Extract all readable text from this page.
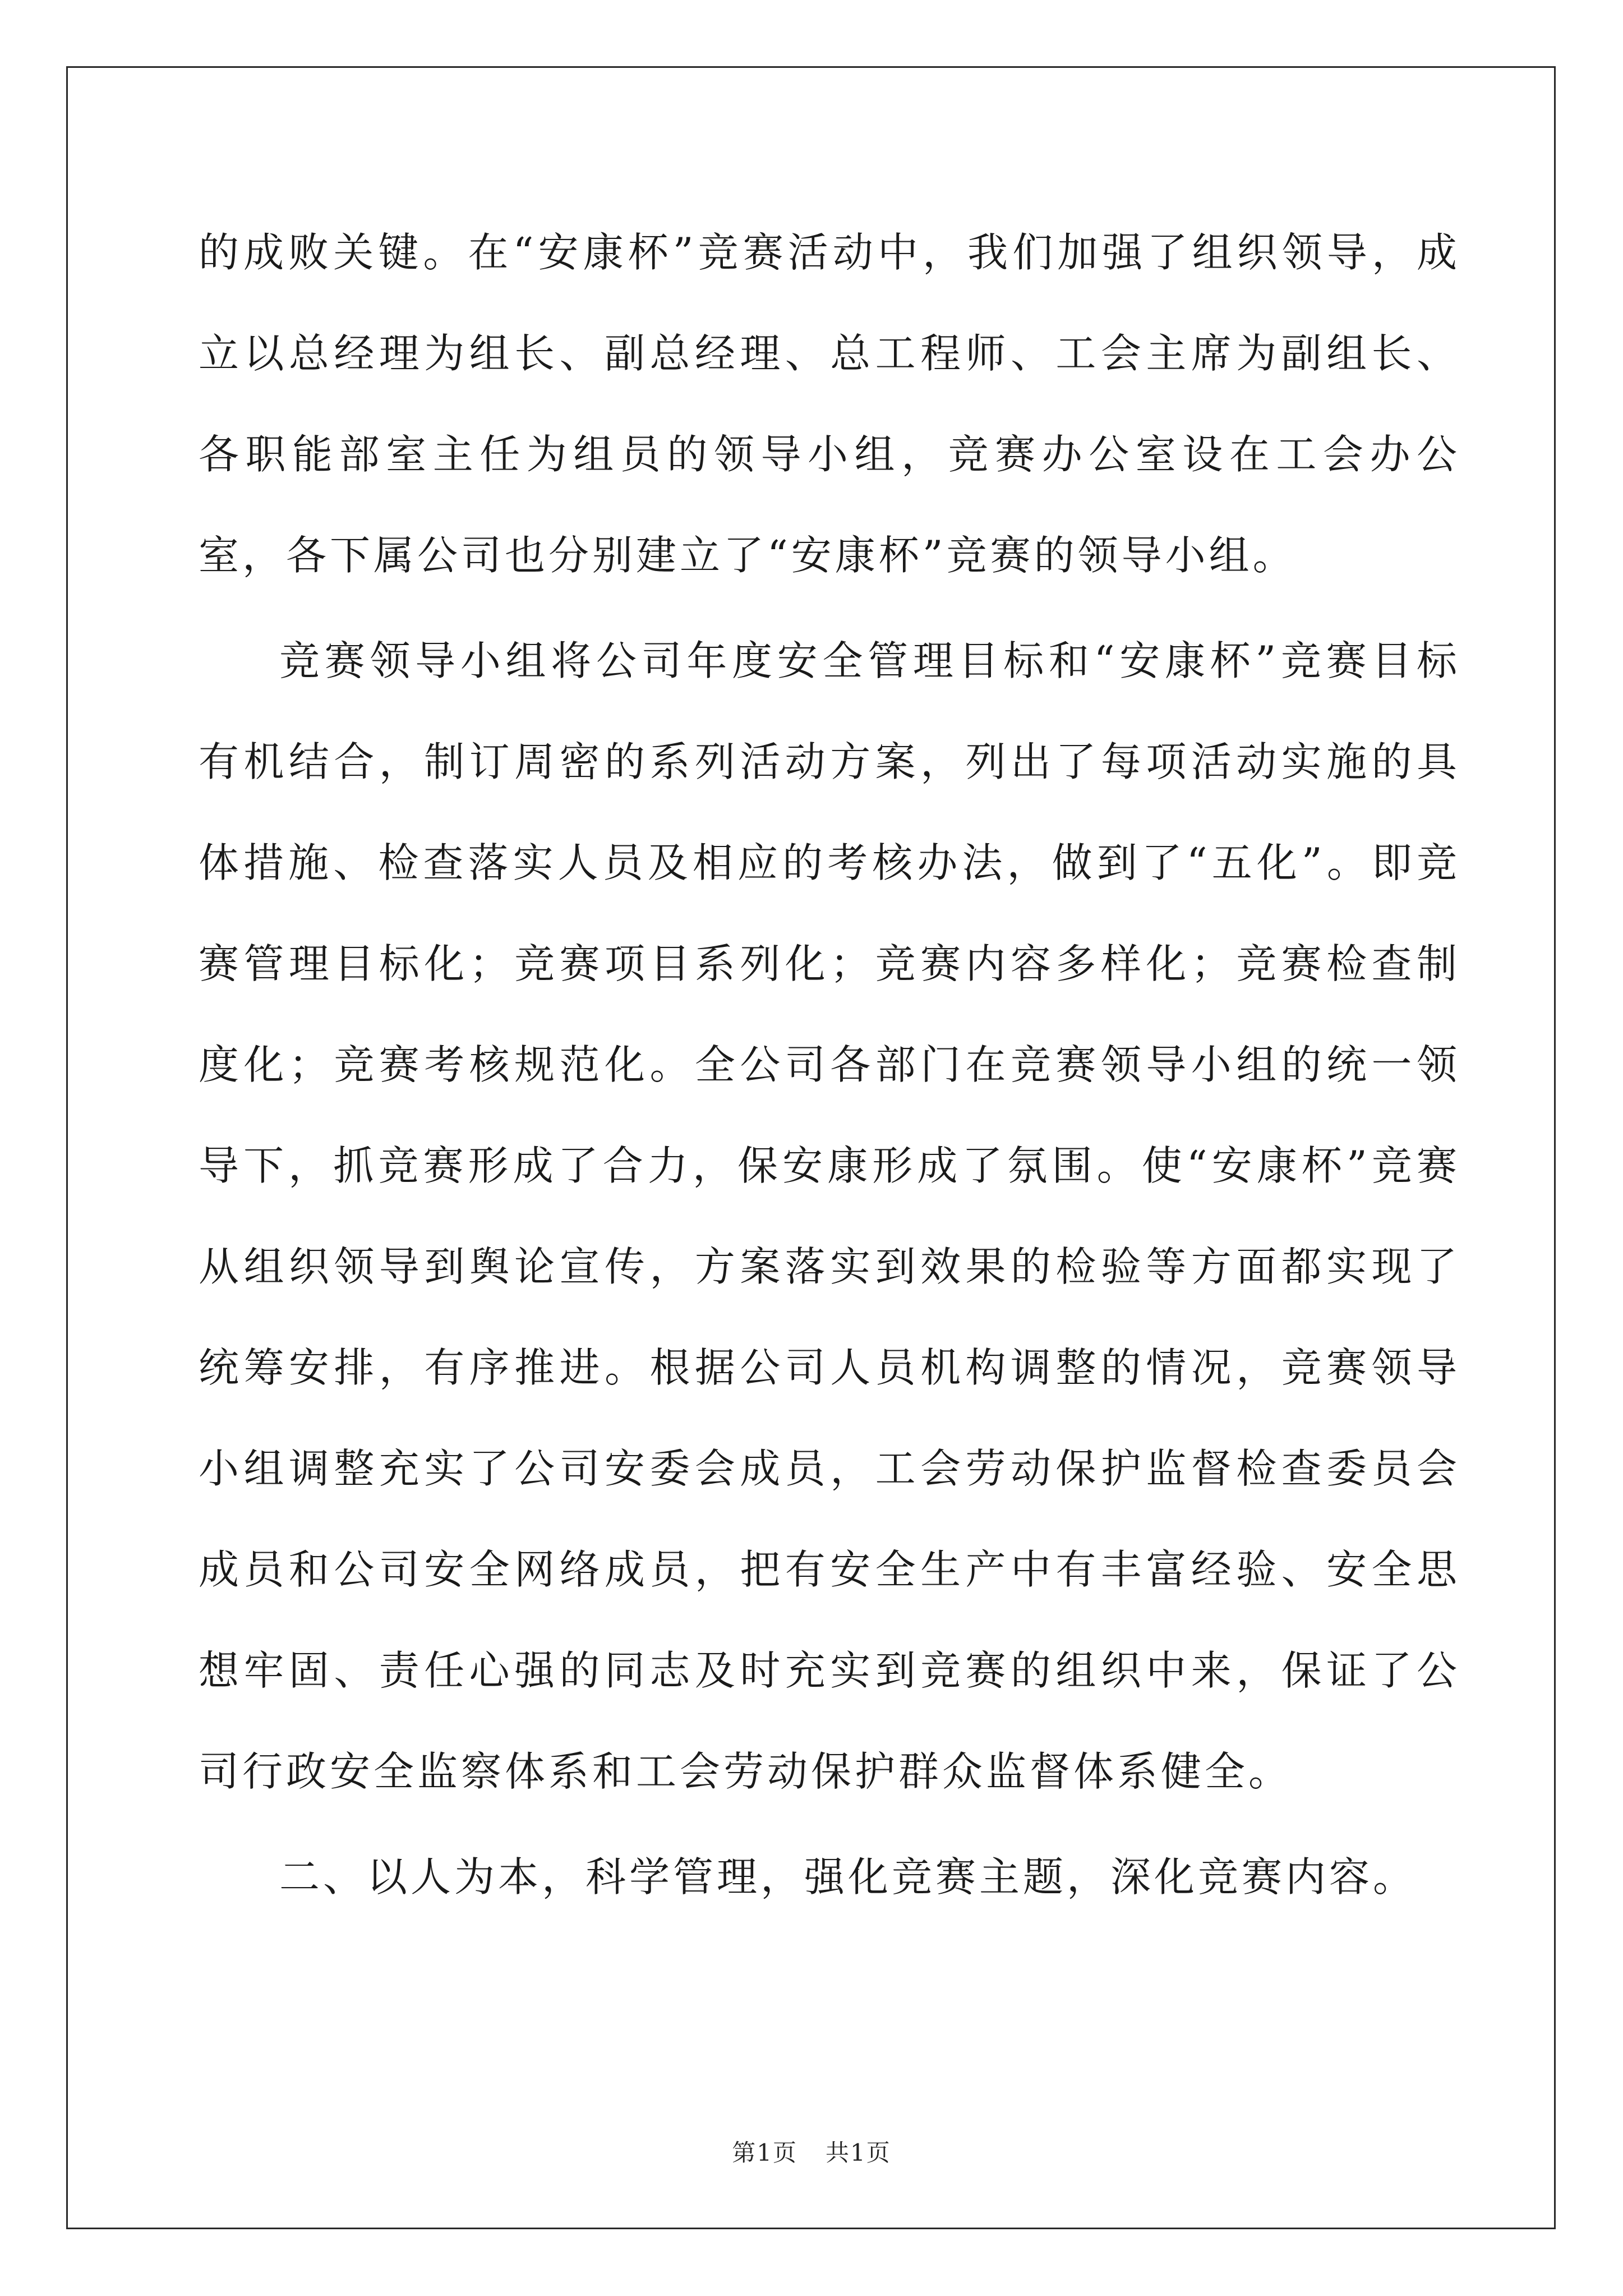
的成败关键。在“安康杯”竞赛活动中，我们加强了组织领导，成立以总经理为组长、副总经理、总工程师、工会主席为副组长、各职能部室主任为组员的领导小组，竞赛办公室设在工会办公室，各下属公司也分别建立了“安康杯”竞赛的领导小组。

竞赛领导小组将公司年度安全管理目标和“安康杯”竞赛目标有机结合，制订周密的系列活动方案，列出了每项活动实施的具体措施、检查落实人员及相应的考核办法，做到了“五化”。即竞赛管理目标化；竞赛项目系列化；竞赛内容多样化；竞赛检查制度化；竞赛考核规范化。全公司各部门在竞赛领导小组的统一领导下，抓竞赛形成了合力，保安康形成了氛围。使“安康杯”竞赛从组织领导到舆论宣传，方案落实到效果的检验等方面都实现了统筹安排，有序推进。根据公司人员机构调整的情况，竞赛领导小组调整充实了公司安委会成员，工会劳动保护监督检查委员会成员和公司安全网络成员，把有安全生产中有丰富经验、安全思想牢固、责任心强的同志及时充实到竞赛的组织中来，保证了公司行政安全监察体系和工会劳动保护群众监督体系健全。

二、以人为本，科学管理，强化竞赛主题，深化竞赛内容。

第1页 共1页
